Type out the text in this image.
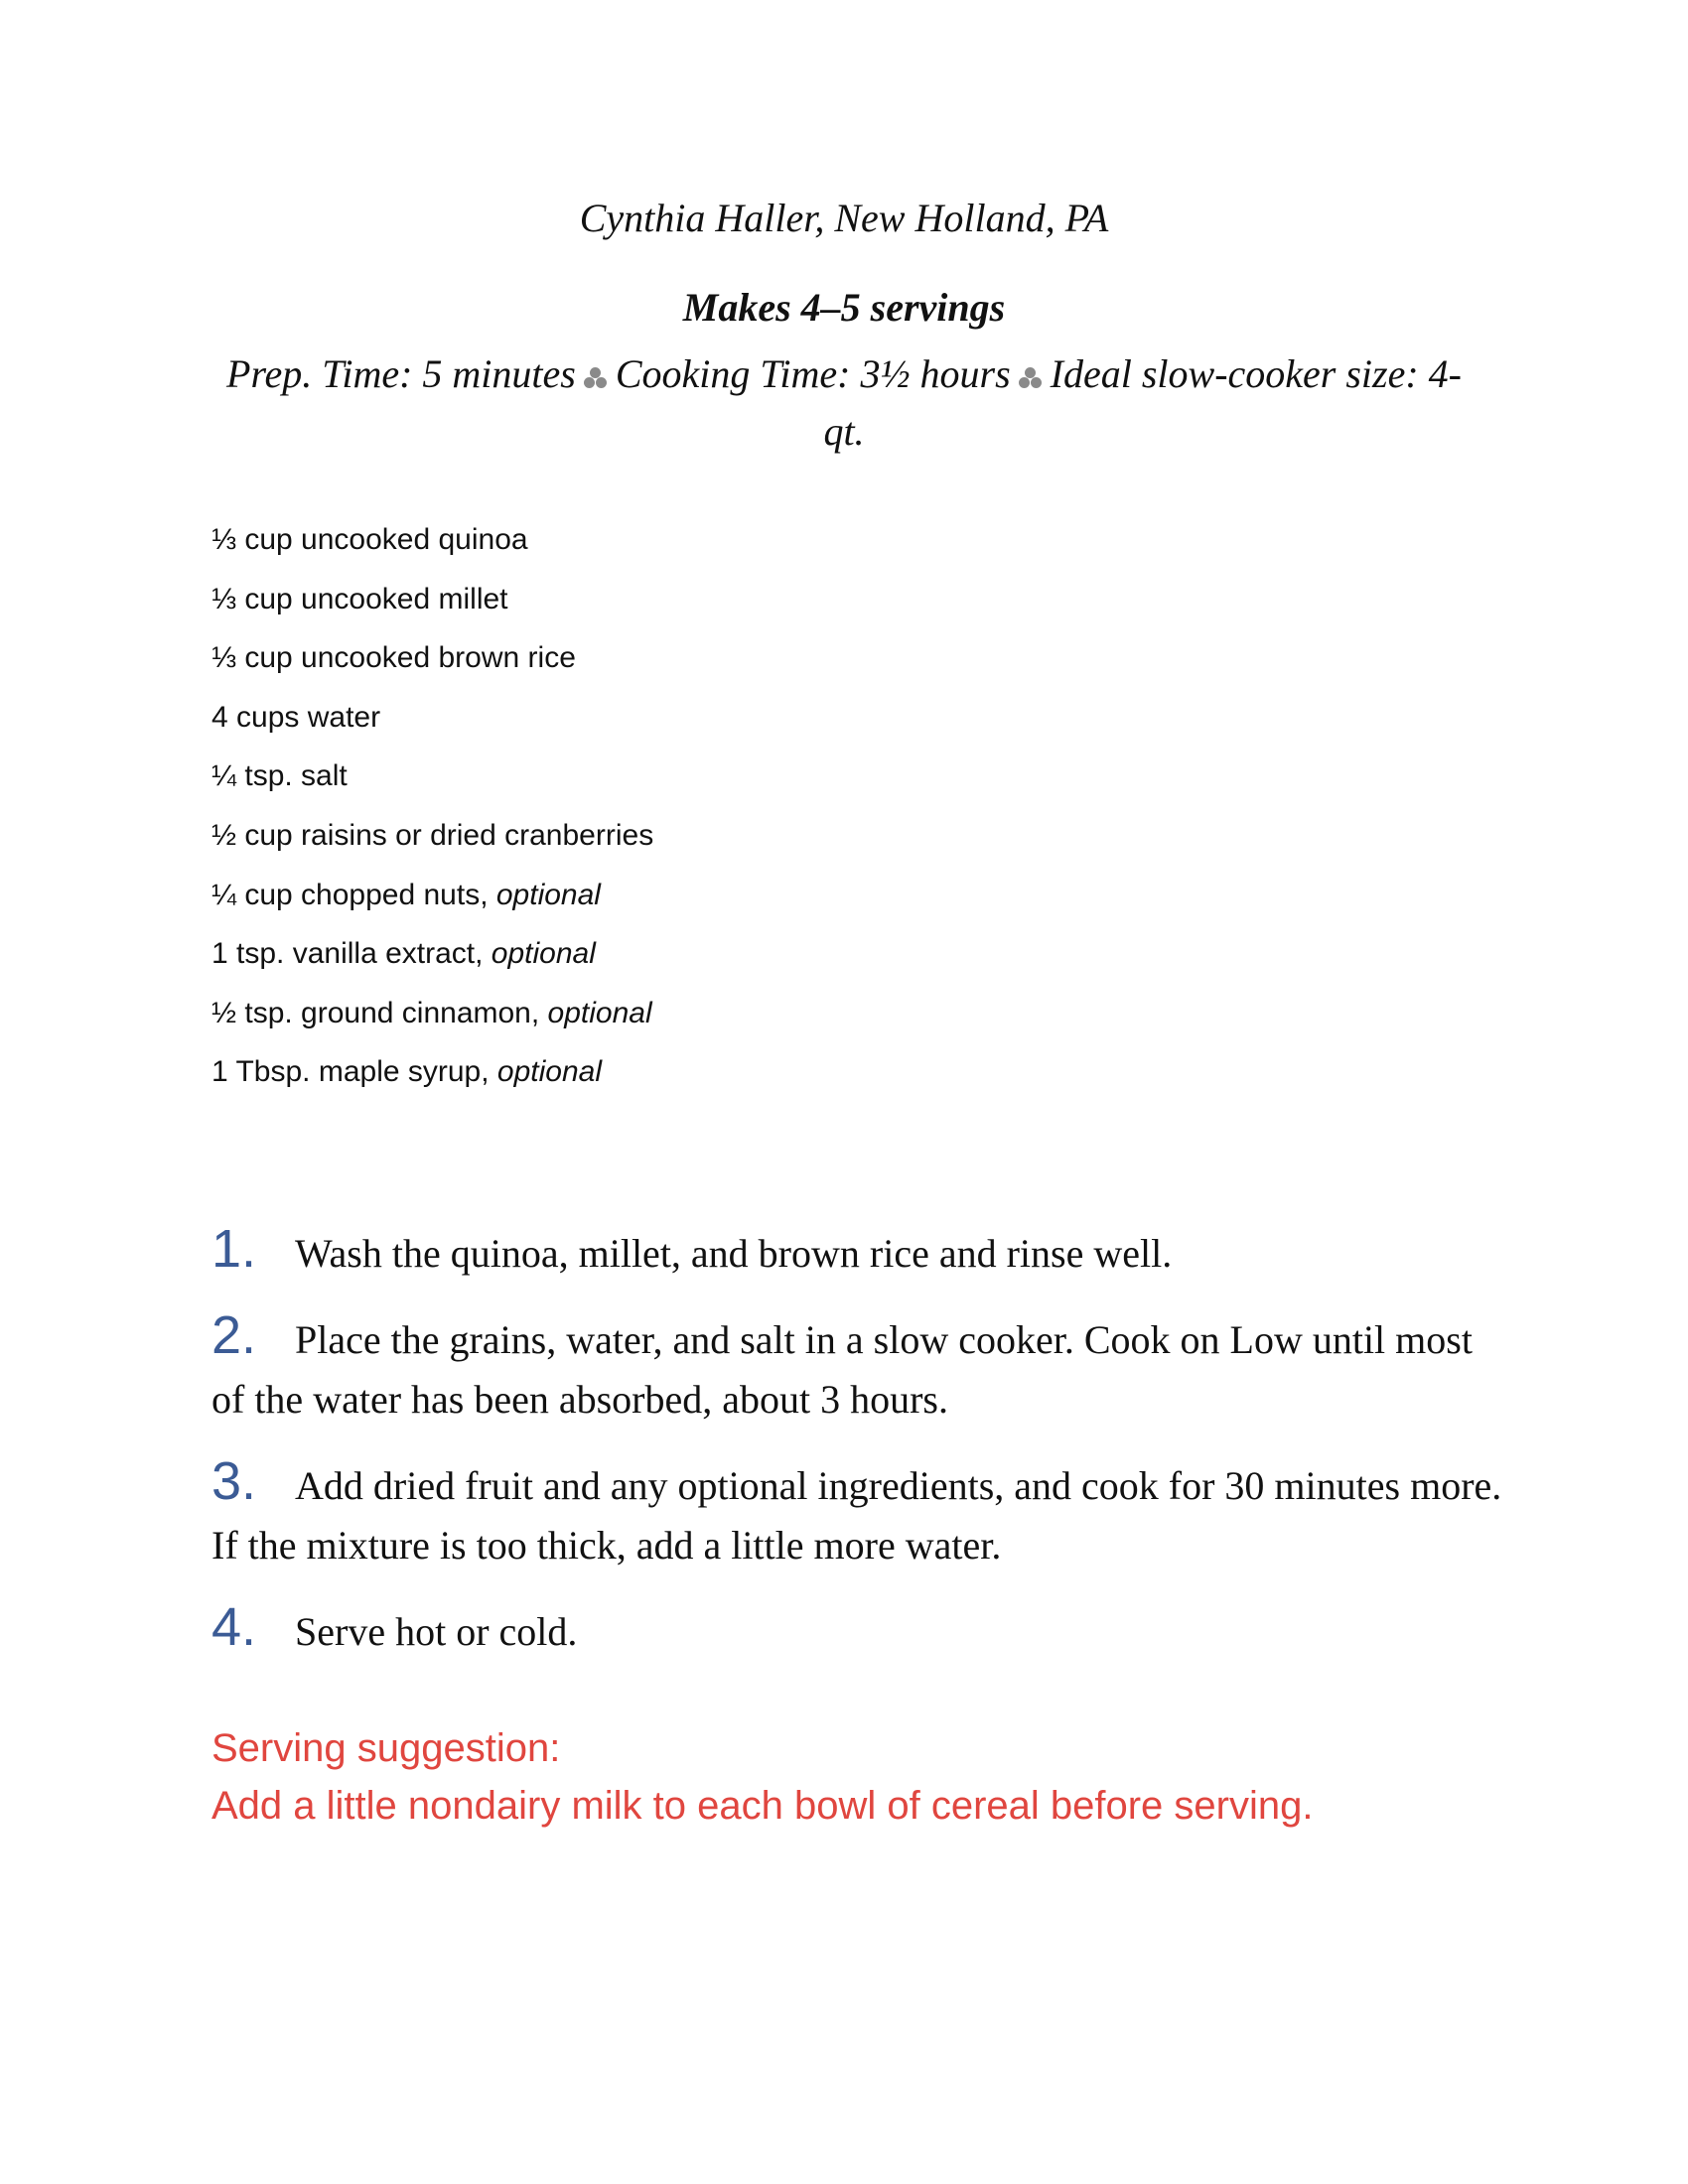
Cynthia Haller, New Holland, PA
Makes 4–5 servings
Prep. Time: 5 minutes Cooking Time: 3½ hours Ideal slow-cooker size: 4-qt.
⅓ cup uncooked quinoa
⅓ cup uncooked millet
⅓ cup uncooked brown rice
4 cups water
¼ tsp. salt
½ cup raisins or dried cranberries
¼ cup chopped nuts, optional
1 tsp. vanilla extract, optional
½ tsp. ground cinnamon, optional
1 Tbsp. maple syrup, optional
1. Wash the quinoa, millet, and brown rice and rinse well.
2. Place the grains, water, and salt in a slow cooker. Cook on Low until most of the water has been absorbed, about 3 hours.
3. Add dried fruit and any optional ingredients, and cook for 30 minutes more. If the mixture is too thick, add a little more water.
4. Serve hot or cold.
Serving suggestion:
Add a little nondairy milk to each bowl of cereal before serving.
